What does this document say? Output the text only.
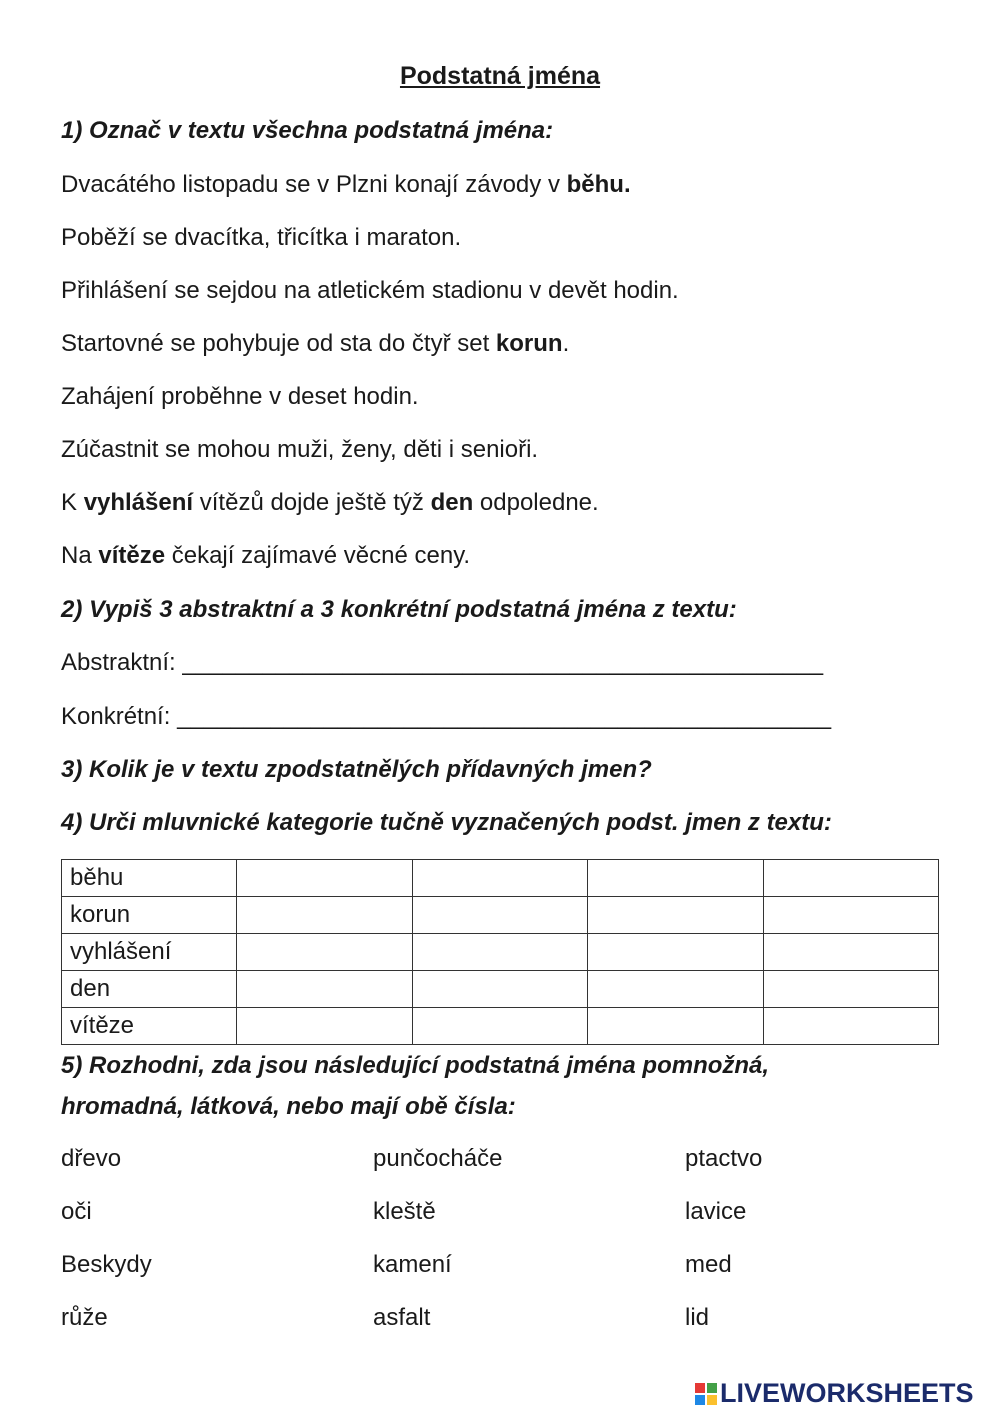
Podstatná jména
1) Označ v textu všechna podstatná jména:
Dvacátého listopadu se v Plzni konají závody v běhu.
Poběží se dvacítka, třicítka i maraton.
Přihlášení se sejdou na atletickém stadionu v devět hodin.
Startovné se pohybuje od sta do čtyř set korun.
Zahájení proběhne v deset hodin.
Zúčastnit se mohou muži, ženy, děti i senioři.
K vyhlášení vítězů dojde ještě týž den odpoledne.
Na vítěze čekají zajímavé věcné ceny.
2) Vypiš 3 abstraktní a 3 konkrétní podstatná jména z textu:
Abstraktní: ________________________________________________
Konkrétní: _________________________________________________
3) Kolik je v textu zpodstatnělých přídavných jmen?
4) Urči mluvnické kategorie tučně vyznačených podst. jmen z textu:
běhu				
korun				
vyhlášení				
den				
vítěze				
5) Rozhodni, zda jsou následující podstatná jména pomnožná,
hromadná, látková, nebo mají obě čísla:
dřevo	punčocháče	ptactvo
oči	kleště	lavice
Beskydy	kamení	med
růže	asfalt	lid
LIVEWORKSHEETS
